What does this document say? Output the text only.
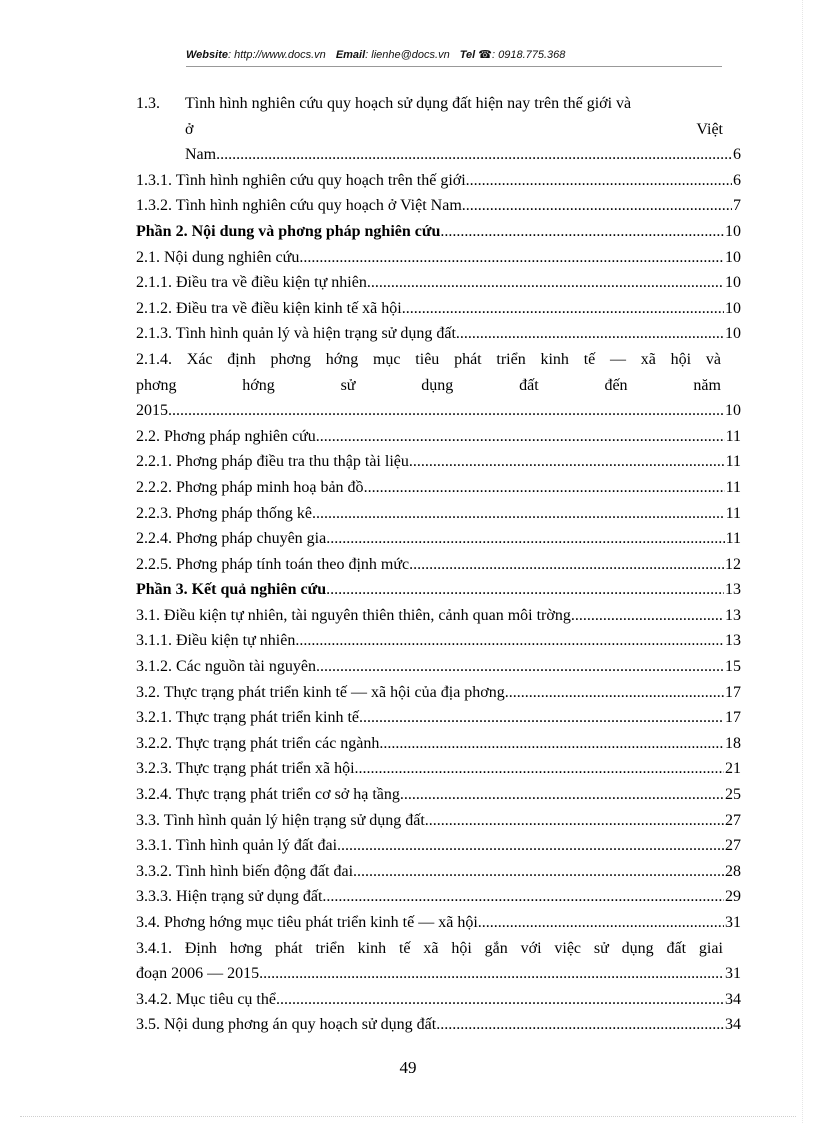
Website: http://www.docs.vn Email: lienhe@docs.vn Tel ☎: 0918.775.368
1.3.	Tình hình nghiên cứu quy hoạch sử dụng đất hiện nay trên thế giới và
ở	Việt
Nam .....	6
1.3.1. Tình hình nghiên cứu quy hoạch trên thế giới .....	6
1.3.2. Tình hình nghiên cứu quy hoạch ở Việt Nam .....	7
Phần 2. Nội dung và phơng pháp nghiên cứu .....	10
2.1. Nội dung nghiên cứu .....	10
2.1.1. Điều tra về điều kiện tự nhiên .....	10
2.1.2. Điều tra về điều kiện kinh tế xã hội .....	10
2.1.3. Tình hình quản lý và hiện trạng sử dụng đất .....	10
2.1.4. Xác định phơng hớng mục tiêu phát triển kinh tế — xã hội và
phơng	hớng	sử	dụng	đất	đến	năm
2015 .....	10
2.2. Phơng pháp nghiên cứu .....	11
2.2.1. Phơng pháp điều tra thu thập tài liệu .....	11
2.2.2. Phơng pháp minh hoạ bản đồ .....	11
2.2.3. Phơng pháp thống kê .....	11
2.2.4. Phơng pháp chuyên gia .....	11
2.2.5. Phơng pháp tính toán theo định mức .....	12
Phần 3. Kết quả nghiên cứu .....	13
3.1. Điều kiện tự nhiên, tài nguyên thiên thiên, cảnh quan môi trờng .....	13
3.1.1. Điều kiện tự nhiên .....	13
3.1.2. Các nguồn tài nguyên .....	15
3.2. Thực trạng phát triển kinh tế — xã hội của địa phơng .....	17
3.2.1. Thực trạng phát triển kinh tế .....	17
3.2.2. Thực trạng phát triển các ngành .....	18
3.2.3. Thực trạng phát triển xã hội .....	21
3.2.4. Thực trạng phát triển cơ sở hạ tầng .....	25
3.3. Tình hình quản lý hiện trạng sử dụng đất .....	27
3.3.1. Tình hình quản lý đất đai .....	27
3.3.2. Tình hình biến động đất đai .....	28
3.3.3. Hiện trạng sử dụng đất .....	29
3.4. Phơng hớng mục tiêu phát triển kinh tế — xã hội .....	31
3.4.1. Định hơng phát triển kinh tế xã hội gắn với việc sử dụng đất giai
đoạn 2006 — 2015 .....	31
3.4.2. Mục tiêu cụ thể .....	34
3.5. Nội dung phơng án quy hoạch sử dụng đất .....	34
49
